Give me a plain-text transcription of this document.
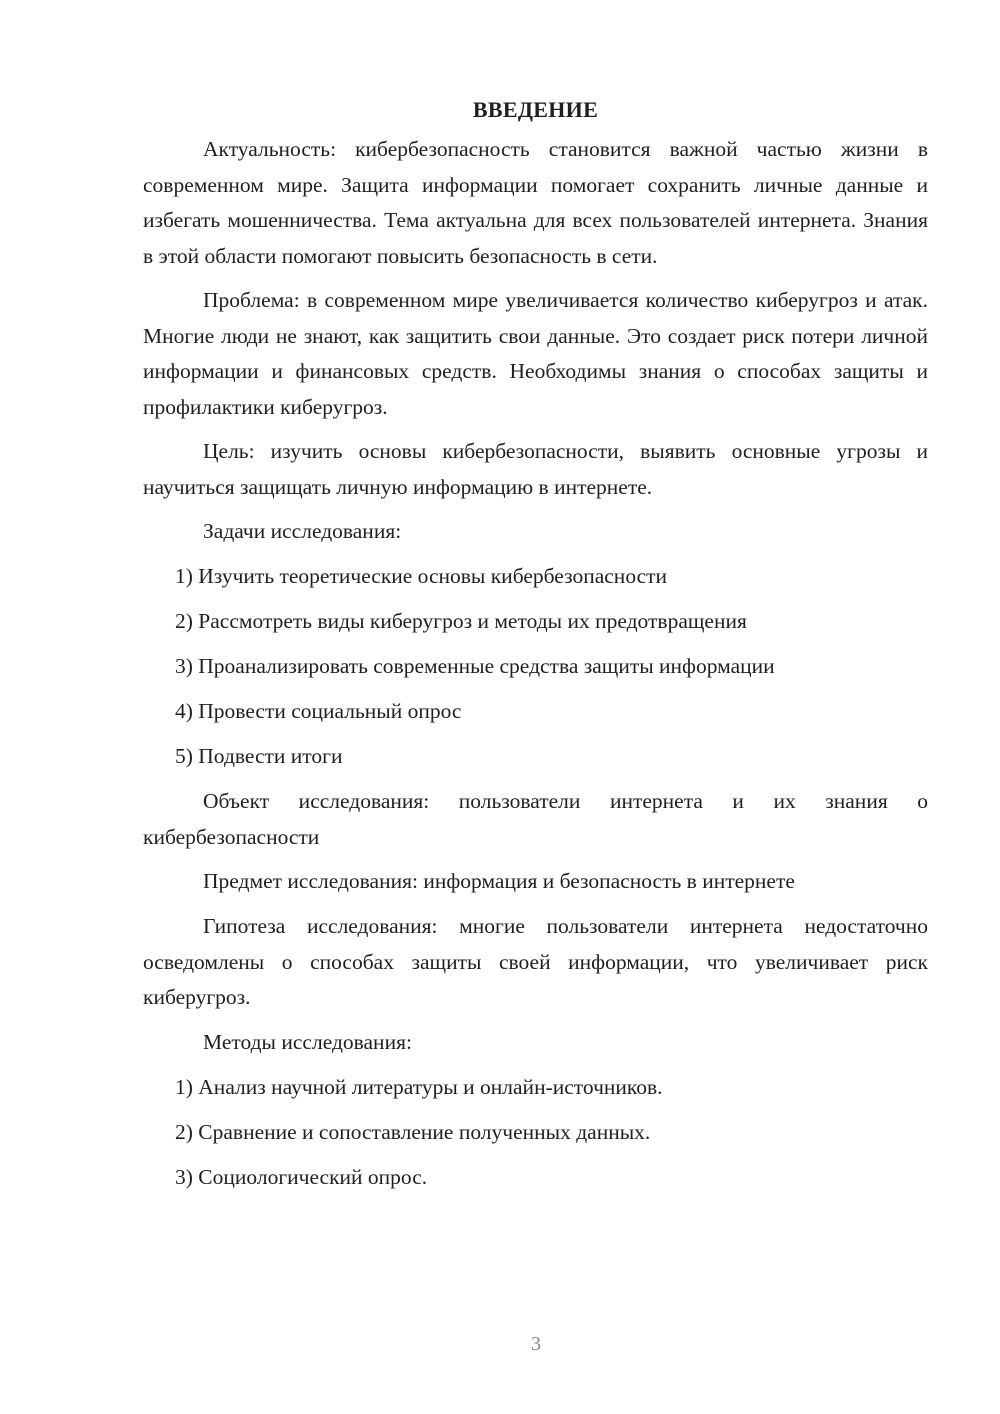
ВВЕДЕНИЕ

Актуальность: кибербезопасность становится важной частью жизни в современном мире. Защита информации помогает сохранить личные данные и избегать мошенничества. Тема актуальна для всех пользователей интернета. Знания в этой области помогают повысить безопасность в сети.

Проблема: в современном мире увеличивается количество киберугроз и атак. Многие люди не знают, как защитить свои данные. Это создает риск потери личной информации и финансовых средств. Необходимы знания о способах защиты и профилактики киберугроз.

Цель: изучить основы кибербезопасности, выявить основные угрозы и научиться защищать личную информацию в интернете.

Задачи исследования:
1) Изучить теоретические основы кибербезопасности
2) Рассмотреть виды киберугроз и методы их предотвращения
3) Проанализировать современные средства защиты информации
4) Провести социальный опрос
5) Подвести итоги

Объект исследования: пользователи интернета и их знания о кибербезопасности

Предмет исследования: информация и безопасность в интернете

Гипотеза исследования: многие пользователи интернета недостаточно осведомлены о способах защиты своей информации, что увеличивает риск киберугроз.

Методы исследования:
1) Анализ научной литературы и онлайн-источников.
2) Сравнение и сопоставление полученных данных.
3) Социологический опрос.
3
